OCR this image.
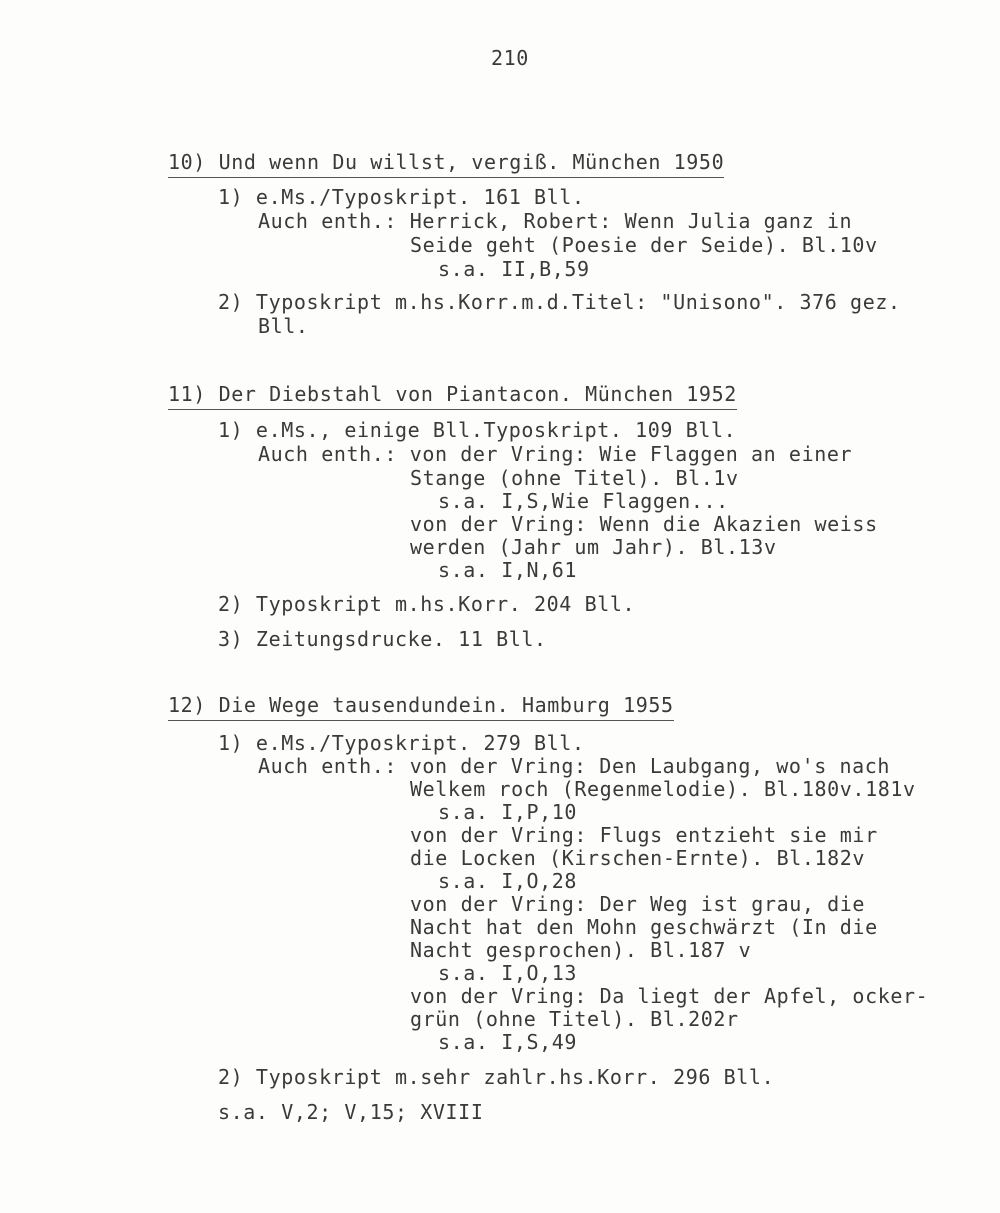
210
10) Und wenn Du willst, vergiß. München 1950
1) e.Ms./Typoskript. 161 Bll.
Auch enth.: Herrick, Robert: Wenn Julia ganz in
Seide geht (Poesie der Seide). Bl.10v
s.a. II,B,59
2) Typoskript m.hs.Korr.m.d.Titel: "Unisono". 376 gez.
Bll.
11) Der Diebstahl von Piantacon. München 1952
1) e.Ms., einige Bll.Typoskript. 109 Bll.
Auch enth.: von der Vring: Wie Flaggen an einer
Stange (ohne Titel). Bl.1v
s.a. I,S,Wie Flaggen...
von der Vring: Wenn die Akazien weiss
werden (Jahr um Jahr). Bl.13v
s.a. I,N,61
2) Typoskript m.hs.Korr. 204 Bll.
3) Zeitungsdrucke. 11 Bll.
12) Die Wege tausendundein. Hamburg 1955
1) e.Ms./Typoskript. 279 Bll.
Auch enth.: von der Vring: Den Laubgang, wo's nach
Welkem roch (Regenmelodie). Bl.180v.181v
s.a. I,P,10
von der Vring: Flugs entzieht sie mir
die Locken (Kirschen-Ernte). Bl.182v
s.a. I,O,28
von der Vring: Der Weg ist grau, die
Nacht hat den Mohn geschwärzt (In die
Nacht gesprochen). Bl.187 v
s.a. I,O,13
von der Vring: Da liegt der Apfel, ocker-
grün (ohne Titel). Bl.202r
s.a. I,S,49
2) Typoskript m.sehr zahlr.hs.Korr. 296 Bll.
s.a. V,2; V,15; XVIII
